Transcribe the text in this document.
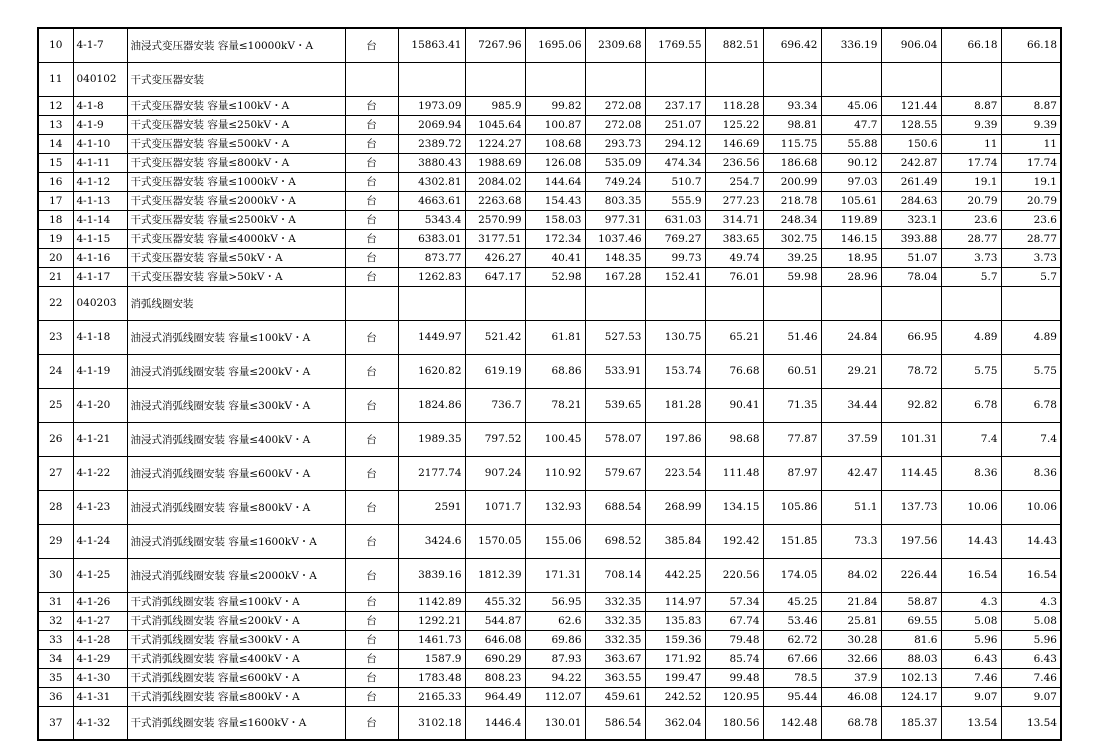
10	4-1-7	油浸式变压器安装 容量≤10000kV・A	台	15863.41	7267.96	1695.06	2309.68	1769.55	882.51	696.42	336.19	906.04	66.18	66.18
11	040102	干式变压器安装												
12	4-1-8	干式变压器安装 容量≤100kV・A	台	1973.09	985.9	99.82	272.08	237.17	118.28	93.34	45.06	121.44	8.87	8.87
13	4-1-9	干式变压器安装 容量≤250kV・A	台	2069.94	1045.64	100.87	272.08	251.07	125.22	98.81	47.7	128.55	9.39	9.39
14	4-1-10	干式变压器安装 容量≤500kV・A	台	2389.72	1224.27	108.68	293.73	294.12	146.69	115.75	55.88	150.6	11	11
15	4-1-11	干式变压器安装 容量≤800kV・A	台	3880.43	1988.69	126.08	535.09	474.34	236.56	186.68	90.12	242.87	17.74	17.74
16	4-1-12	干式变压器安装 容量≤1000kV・A	台	4302.81	2084.02	144.64	749.24	510.7	254.7	200.99	97.03	261.49	19.1	19.1
17	4-1-13	干式变压器安装 容量≤2000kV・A	台	4663.61	2263.68	154.43	803.35	555.9	277.23	218.78	105.61	284.63	20.79	20.79
18	4-1-14	干式变压器安装 容量≤2500kV・A	台	5343.4	2570.99	158.03	977.31	631.03	314.71	248.34	119.89	323.1	23.6	23.6
19	4-1-15	干式变压器安装 容量≤4000kV・A	台	6383.01	3177.51	172.34	1037.46	769.27	383.65	302.75	146.15	393.88	28.77	28.77
20	4-1-16	干式变压器安装 容量≤50kV・A	台	873.77	426.27	40.41	148.35	99.73	49.74	39.25	18.95	51.07	3.73	3.73
21	4-1-17	干式变压器安装 容量>50kV・A	台	1262.83	647.17	52.98	167.28	152.41	76.01	59.98	28.96	78.04	5.7	5.7
22	040203	消弧线圈安装												
23	4-1-18	油浸式消弧线圈安装 容量≤100kV・A	台	1449.97	521.42	61.81	527.53	130.75	65.21	51.46	24.84	66.95	4.89	4.89
24	4-1-19	油浸式消弧线圈安装 容量≤200kV・A	台	1620.82	619.19	68.86	533.91	153.74	76.68	60.51	29.21	78.72	5.75	5.75
25	4-1-20	油浸式消弧线圈安装 容量≤300kV・A	台	1824.86	736.7	78.21	539.65	181.28	90.41	71.35	34.44	92.82	6.78	6.78
26	4-1-21	油浸式消弧线圈安装 容量≤400kV・A	台	1989.35	797.52	100.45	578.07	197.86	98.68	77.87	37.59	101.31	7.4	7.4
27	4-1-22	油浸式消弧线圈安装 容量≤600kV・A	台	2177.74	907.24	110.92	579.67	223.54	111.48	87.97	42.47	114.45	8.36	8.36
28	4-1-23	油浸式消弧线圈安装 容量≤800kV・A	台	2591	1071.7	132.93	688.54	268.99	134.15	105.86	51.1	137.73	10.06	10.06
29	4-1-24	油浸式消弧线圈安装 容量≤1600kV・A	台	3424.6	1570.05	155.06	698.52	385.84	192.42	151.85	73.3	197.56	14.43	14.43
30	4-1-25	油浸式消弧线圈安装 容量≤2000kV・A	台	3839.16	1812.39	171.31	708.14	442.25	220.56	174.05	84.02	226.44	16.54	16.54
31	4-1-26	干式消弧线圈安装 容量≤100kV・A	台	1142.89	455.32	56.95	332.35	114.97	57.34	45.25	21.84	58.87	4.3	4.3
32	4-1-27	干式消弧线圈安装 容量≤200kV・A	台	1292.21	544.87	62.6	332.35	135.83	67.74	53.46	25.81	69.55	5.08	5.08
33	4-1-28	干式消弧线圈安装 容量≤300kV・A	台	1461.73	646.08	69.86	332.35	159.36	79.48	62.72	30.28	81.6	5.96	5.96
34	4-1-29	干式消弧线圈安装 容量≤400kV・A	台	1587.9	690.29	87.93	363.67	171.92	85.74	67.66	32.66	88.03	6.43	6.43
35	4-1-30	干式消弧线圈安装 容量≤600kV・A	台	1783.48	808.23	94.22	363.55	199.47	99.48	78.5	37.9	102.13	7.46	7.46
36	4-1-31	干式消弧线圈安装 容量≤800kV・A	台	2165.33	964.49	112.07	459.61	242.52	120.95	95.44	46.08	124.17	9.07	9.07
37	4-1-32	干式消弧线圈安装 容量≤1600kV・A	台	3102.18	1446.4	130.01	586.54	362.04	180.56	142.48	68.78	185.37	13.54	13.54
